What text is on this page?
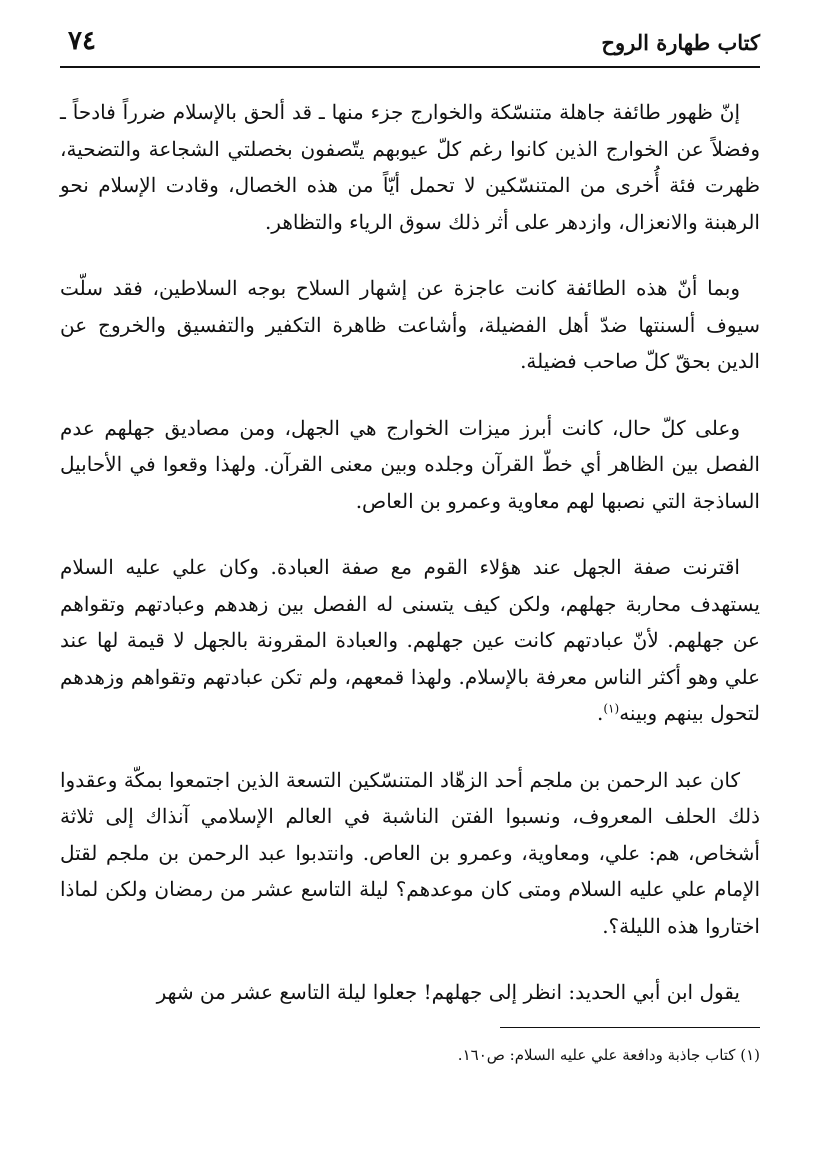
كتاب طهارة الروح
٧٤

إنّ ظهور طائفة جاهلة متنسّكة والخوارج جزء منها ـ قد ألحق بالإسلام ضرراً فادحاً ـ وفضلاً عن الخوارج الذين كانوا رغم كلّ عيوبهم يتّصفون بخصلتي الشجاعة والتضحية، ظهرت فئة أُخرى من المتنسّكين لا تحمل أيّاً من هذه الخصال، وقادت الإسلام نحو الرهبنة والانعزال، وازدهر على أثر ذلك سوق الرياء والتظاهر.

وبما أنّ هذه الطائفة كانت عاجزة عن إشهار السلاح بوجه السلاطين، فقد سلّت سيوف ألسنتها ضدّ أهل الفضيلة، وأشاعت ظاهرة التكفير والتفسيق والخروج عن الدين بحقّ كلّ صاحب فضيلة.

وعلى كلّ حال، كانت أبرز ميزات الخوارج هي الجهل، ومن مصاديق جهلهم عدم الفصل بين الظاهر أي خطّ القرآن وجلده وبين معنى القرآن. ولهذا وقعوا في الأحابيل الساذجة التي نصبها لهم معاوية وعمرو بن العاص.

اقترنت صفة الجهل عند هؤلاء القوم مع صفة العبادة. وكان علي عليه السلام يستهدف محاربة جهلهم، ولكن كيف يتسنى له الفصل بين زهدهم وعبادتهم وتقواهم عن جهلهم. لأنّ عبادتهم كانت عين جهلهم. والعبادة المقرونة بالجهل لا قيمة لها عند علي وهو أكثر الناس معرفة بالإسلام. ولهذا قمعهم، ولم تكن عبادتهم وتقواهم وزهدهم لتحول بينهم وبينه$^{(١)}$.

كان عبد الرحمن بن ملجم أحد الزهّاد المتنسّكين التسعة الذين اجتمعوا بمكّة وعقدوا ذلك الحلف المعروف، ونسبوا الفتن الناشبة في العالم الإسلامي آنذاك إلى ثلاثة أشخاص، هم: علي، ومعاوية، وعمرو بن العاص. وانتدبوا عبد الرحمن بن ملجم لقتل الإمام علي عليه السلام ومتى كان موعدهم؟ ليلة التاسع عشر من رمضان ولكن لماذا اختاروا هذه الليلة؟.

يقول ابن أبي الحديد: انظر إلى جهلهم! جعلوا ليلة التاسع عشر من شهر

(١) كتاب جاذبة ودافعة علي عليه السلام: ص١٦٠.
